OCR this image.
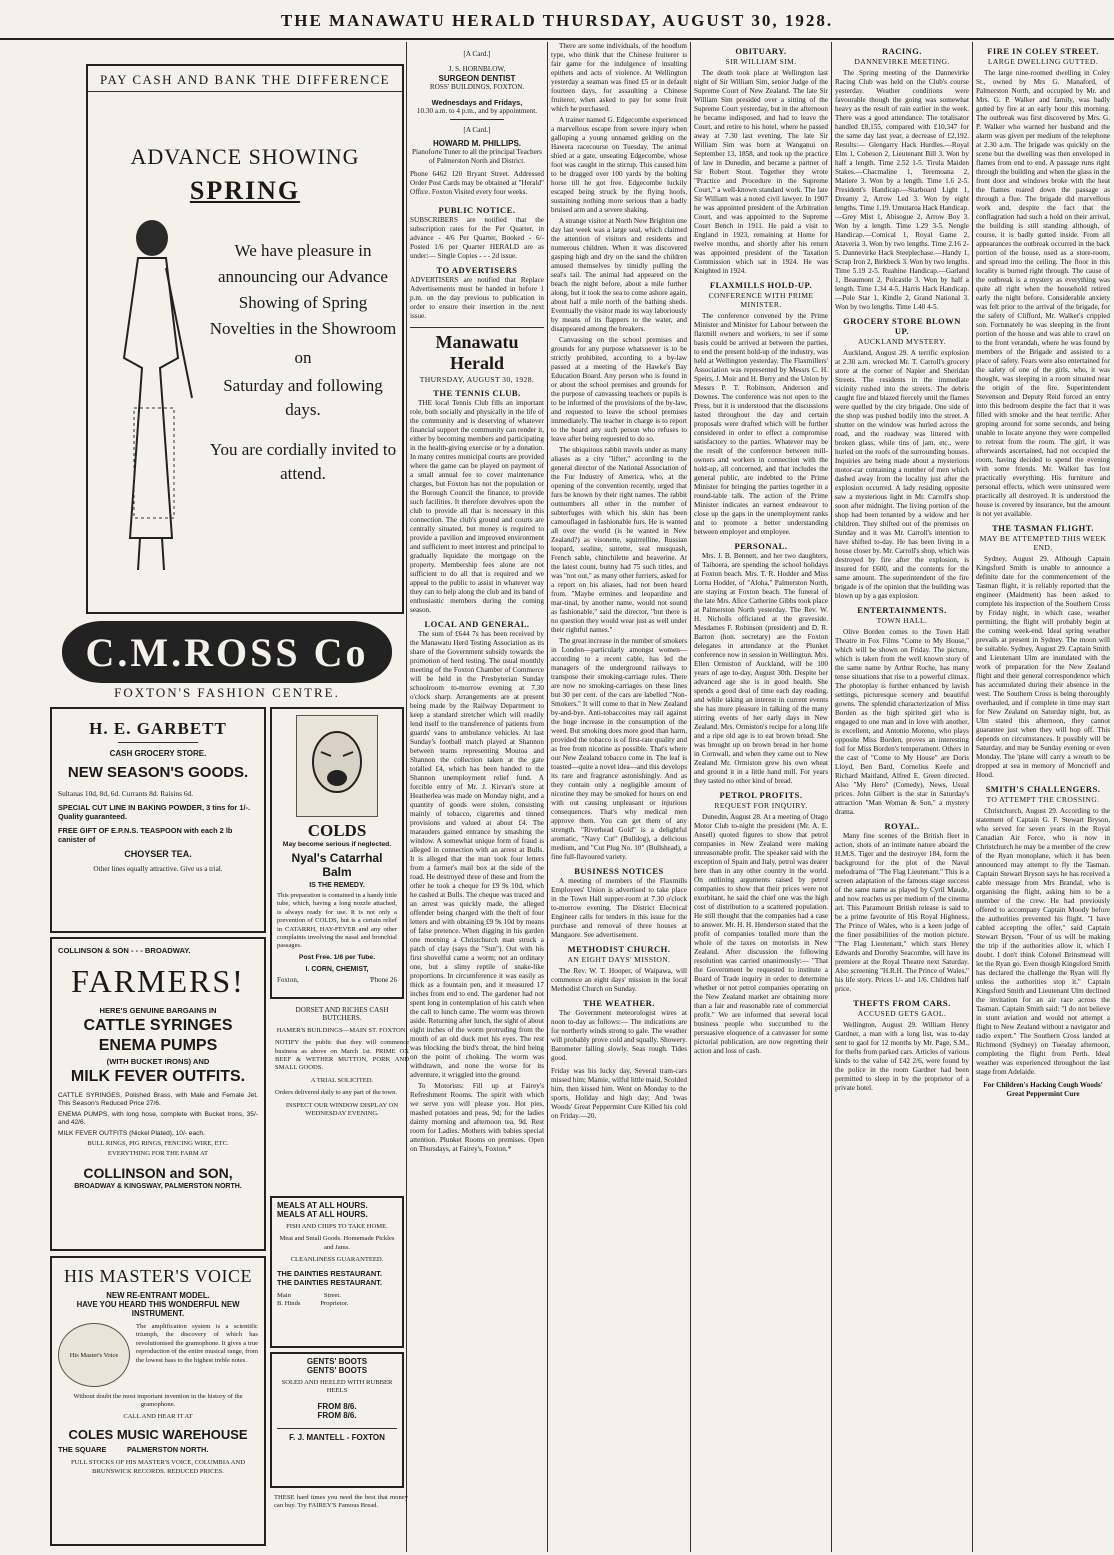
THE MANAWATU HERALD THURSDAY, AUGUST 30, 1928.
PAY CASH AND BANK THE DIFFERENCE
ADVANCE SHOWING
SPRING
We have pleasure in announcing our Advance Showing of Spring Novelties in the Showroom
on
Saturday and following days.
You are cordially invited to attend.
C.M.ROSS Co
FOXTON'S FASHION CENTRE.
H. E. GARBETT
CASH GROCERY STORE.
NEW SEASON'S GOODS.
Sultanas 10d, 8d, 6d. Currants 8d. Raisins 6d.
SPECIAL CUT LINE IN BAKING POWDER, 3 tins for 1/-. Quality guaranteed.
FREE GIFT OF E.P.N.S. TEASPOON with each 2 lb canister of
CHOYSER TEA.
Other lines equally attractive. Give us a trial.
COLLINSON & SON - - - BROADWAY.
FARMERS!
HERE'S GENUINE BARGAINS IN
CATTLE SYRINGES
ENEMA PUMPS
(WITH BUCKET IRONS) AND
MILK FEVER OUTFITS.
CATTLE SYRINGES, Polished Brass, with Male and Female Jet. This Season's Reduced Price 27/6.
ENEMA PUMPS, with long hose, complete with Bucket Irons, 35/- and 42/6.
MILK FEVER OUTFITS (Nickel Plated), 10/- each.
BULL RINGS, PIG RINGS, FENCING WIRE, ETC.
EVERYTHING FOR THE FARM AT
COLLINSON and SON,
BROADWAY & KINGSWAY, PALMERSTON NORTH.
HIS MASTER'S VOICE
NEW RE-ENTRANT MODEL.
HAVE YOU HEARD THIS WONDERFUL NEW INSTRUMENT.
His Master's Voice
The amplification system is a scientific triumph, the discovery of which has revolutionised the gramophone. It gives a true reproduction of the entire musical range, from the lowest bass to the highest treble notes.
Without doubt the most important invention in the history of the gramophone.
CALL AND HEAR IT AT
COLES MUSIC WAREHOUSE
THE SQUARE          PALMERSTON NORTH.
FULL STOCKS OF HIS MASTER'S VOICE, COLUMBIA AND BRUNSWICK RECORDS. REDUCED PRICES.
COLDS
May become serious if neglected.
Nyal's Catarrhal Balm
IS THE REMEDY.
This preparation is contained in a handy little tube, which, having a long nozzle attached, is always ready for use. It is not only a prevention of COLDS, but is a certain relief in CATARRH, HAY-FEVER and any other complaints involving the nasal and bronchial passages.
Post Free. 1/6 per Tube.
I. CORN, CHEMIST,
Foxton,	'Phone 26
DORSET AND RICHES CASH BUTCHERS.
HAMER'S BUILDINGS—MAIN ST. FOXTON.
NOTIFY the public that they will commence business as above on March 1st. PRIME OX BEEF & WETHER MUTTON, PORK AND SMALL GOODS.
A TRIAL SOLICITED.
Orders delivered daily to any part of the town.
INSPECT OUR WINDOW DISPLAY ON WEDNESDAY EVENING.
MEALS AT ALL HOURS.
MEALS AT ALL HOURS.
FISH AND CHIPS TO TAKE HOME.
Meat and Small Goods. Homemade Pickles and Jams.
CLEANLINESS GUARANTEED.
THE DAINTIES RESTAURANT.
THE DAINTIES RESTAURANT.
Main                    Street.
B. Hinds            Proprietor.
GENTS' BOOTS
GENTS' BOOTS
SOLED AND HEELED WITH RUBBER HEELS
FROM 8/6.
FROM 8/6.
F. J. MANTELL - FOXTON
THESE hard times you need the best that money can buy. Try FAIREY'S Famous Bread.
[A Card.]
J. S. HORNBLOW,
SURGEON DENTIST
ROSS' BUILDINGS, FOXTON.
Wednesdays and Fridays,
10.30 a.m. to 4 p.m., and by appointment.
[A Card.]
HOWARD M. PHILLIPS.
Pianoforte Tuner to all the principal Teachers of Palmerston North and District.
Phone 6462 120 Bryant Street. Addressed Order Post Cards may be obtained at "Herald" Office. Foxton Visited every four weeks.
PUBLIC NOTICE.
SUBSCRIBERS are notified that the subscription rates for the Per Quarter, in advance - 4/6 Per Quarter, Booked - 6/- Posted 1/6 per Quarter HERALD are as under:— Single Copies - - - 2d issue.
TO ADVERTISERS
ADVERTISERS are notified that Replace Advertisements must be handed in before 1 p.m. on the day previous to publication in order to ensure their insertion in the next issue.
Manawatu Herald
THURSDAY, AUGUST 30, 1928.
THE TENNIS CLUB.
THE local Tennis Club fills an important role, both socially and physically in the life of the community and is deserving of whatever financial support the community can render it, either by becoming members and participating in the health-giving exercise or by a donation. In many centres municipal courts are provided where the game can be played on payment of a small annual fee to cover maintenance charges, but Foxton has not the population or the Borough Council the finance, to provide such facilities. It therefore devolves upon the club to provide all that is necessary in this connection. The club's ground and courts are centrally situated, but money is required to provide a pavilion and improved environment and sufficient to meet interest and principal to gradually liquidate the mortgage on the property. Membership fees alone are not sufficient to do all that is required and we appeal to the public to assist in whatever way they can to help along the club and its band of enthusiastic members during the coming season.
LOCAL AND GENERAL.
The sum of £644 7s has been received by the Manawatu Herd Testing Association as its share of the Government subsidy towards the promotion of herd testing. The usual monthly meeting of the Foxton Chamber of Commerce will be held in the Presbyterian Sunday schoolroom to-morrow evening at 7.30 o'clock sharp. Arrangements are at present being made by the Railway Department to keep a standard stretcher which will readily lend itself to the transference of patients from guards' vans to ambulance vehicles. At last Sunday's football match played at Shannon between teams representing Moutoa and Shannon the collection taken at the gate totalled £4, which has been handed to the Shannon unemployment relief fund. A forcible entry of Mr. J. Kirvan's store at Heatherlea was made on Monday night, and a quantity of goods were stolen, consisting mainly of tobacco, cigarettes and tinned provisions and valued at about £4. The marauders gained entrance by smashing the window. A somewhat unique form of fraud is alleged in connection with an arrest at Bulls. It is alleged that the man took four letters from a farmer's mail box at the side of the road. He destroyed three of these and from the other he took a cheque for £9 9s 10d, which he cashed at Bulls. The cheque was traced and an arrest was quickly made, the alleged offender being charged with the theft of four letters and with obtaining £9 9s 10d by means of false pretence. When digging in his garden one morning a Christchurch man struck a patch of clay (says the "Sun"). Out with his first shovelful came a worm; not an ordinary one, but a slimy reptile of snake-like proportions. In circumference it was easily as thick as a fountain pen, and it measured 17 inches from end to end. The gardener had not spent long in contemplation of his catch when the call to lunch came. The worm was thrown aside. Returning after lunch, the sight of about eight inches of the worm protruding from the mouth of an old duck met his eyes. The rest was blocking the bird's throat, the bird being on the point of choking. The worm was withdrawn, and none the worse for its adventure, it wriggled into the ground.
To Motorists: Fill up at Fairey's Refreshment Rooms. The spirit with which we serve you will please you. Hot pies, mashed potatoes and peas, 9d; for the ladies dainty morning and afternoon tea, 9d. Rest room for Ladies. Mothers with babies special attention. Plunket Rooms on premises. Open on Thursdays, at Fairey's, Foxton.*
There are some individuals, of the hoodlum type, who think that the Chinese fruiterer is fair game for the indulgence of insulting epithets and acts of violence. At Wellington yesterday a seaman was fined £5 or in default fourteen days, for assaulting a Chinese fruiterer, when asked to pay for some fruit which he purchased.
A trainer named G. Edgecombe experienced a marvellous escape from severe injury when galloping a young unnamed gelding on the Hawera racecourse on Tuesday. The animal shied at a gate, unseating Edgecombe, whose foot was caught in the stirrup. This caused him to be dragged over 100 yards by the bolting horse till he got free. Edgecombe luckily escaped being struck by the flying hoofs, sustaining nothing more serious than a badly bruised arm and a severe shaking.
A strange visitor at North New Brighton one day last week was a large seal, which claimed the attention of visitors and residents and numerous children. When it was discovered gasping high and dry on the sand the children amused themselves by timidly pulling the seal's tail. The animal had appeared on the beach the night before, about a mile further along, but it took the sea to come ashore again, about half a mile north of the bathing sheds. Eventually the visitor made its way laboriously by means of its flappers to the water, and disappeared among the breakers.
Canvassing on the school premises and grounds for any purpose whatsoever is to be strictly prohibited, according to a by-law passed at a meeting of the Hawke's Bay Education Board. Any person who is found in or about the school premises and grounds for the purpose of canvassing teachers or pupils is to be informed of the provisions of the by-law, and requested to leave the school premises immediately. The teacher in charge is to report to the board any such person who refuses to leave after being requested to do so.
The ubiquitous rabbit travels under as many aliases as a city "lifter," according to the general director of the National Association of the Fur Industry of America, who, at the opening of the convention recently, urged that furs be known by their right names. The rabbit outnumbers all other in the number of subterfuges with which his skin has been camouflaged in fashionable furs. He is wanted all over the world (is he wanted in New Zealand?) as visonette, squirrelline, Russian leopard, sealine, sutrette, seal musquash, French sable, chinchilette and beaverine. At the latest count, bunny had 75 such titles, and was "not out," as many other furriers, asked for a report on his aliases, had not been heard from. "Maybe ermines and leopardine and mar-tinal, by another name, would not sound as fashionable," said the director, "but there is no question they would wear just as well under their rightful names."
The great increase in the number of smokers in London—particularly amongst women—according to a recent cable, has led the managers of the underground railways to transpose their smoking-carriage rules. There are now no smoking-carriages on these lines but 30 per cent. of the cars are labelled "Non-Smokers." It will come to that in New Zealand by-and-bye. Anti-tobaccoites may rail against the huge increase in the consumption of the weed. But smoking does more good than harm, provided the tobacco is of first-rate quality and as free from nicotine as possible. That's where our New Zealand tobacco come in. The leaf is toasted—quite a novel idea—and this develops its rare and fragrance astonishingly. And as they contain only a negligible amount of nicotine they may be smoked for hours on end with out causing unpleasant or injurious consequences. That's why medical men approve them. You can get them of any strength. "Riverhead Gold" is a delightful aromatic, "Navy Cut" (Bulldog), a delicious medium, and "Cut Plug No. 10" (Bullshead), a fine full-flavoured variety.
BUSINESS NOTICES
A meeting of members of the Flaxmills Employees' Union is advertised to take place in the Town Hall supper-room at 7.30 o'clock to-morrow evening. The District Electrical Engineer calls for tenders in this issue for the purchase and removal of three houses at Mangaore. See advertisement.
METHODIST CHURCH.
AN EIGHT DAYS' MISSION.
The Rev. W. T. Hooper, of Waipawa, will commence an eight days' mission in the local Methodist Church on Sunday.
THE WEATHER.
The Government meteorologist wires at noon to-day as follows:— The indications are for northerly winds strong to gale. The weather will probably prove cold and squally. Showery. Barometer falling slowly. Seas rough. Tides good.
Friday was his lucky day, Several tram-cars missed him; Mamie, wilful little maid, Scolded him, then kissed him. Went on Monday to the sports, Holiday and high day; And 'twas Woods' Great Peppermint Cure Killed his cold on Friday.—20.
OBITUARY.
SIR WILLIAM SIM.
The death took place at Wellington last night of Sir William Sim, senior Judge of the Supreme Court of New Zealand. The late Sir William Sim presided over a sitting of the Supreme Court yesterday, but in the afternoon he became indisposed, and had to leave the Court, and retire to his hotel, where he passed away at 7.30 last evening. The late Sir William Sim was born at Wanganui on September 13, 1858, and took up the practice of law in Dunedin, and became a partner of Sir Robert Stout. Together they wrote "Practice and Procedure in the Supreme Court," a well-known standard work. The late Sir William was a noted civil lawyer. In 1907 he was appointed president of the Arbitration Court, and was appointed to the Supreme Court Bench in 1911. He paid a visit to England in 1923, remaining at Home for twelve months, and shortly after his return was appointed president of the Taxation Commission which sat in 1924. He was Knighted in 1924.
FLAXMILLS HOLD-UP.
CONFERENCE WITH PRIME MINISTER.
The conference convened by the Prime Minister and Minister for Labour between the flaxmill owners and workers, to see if some basis could be arrived at between the parties, to end the present hold-up of the industry, was held at Wellington yesterday. The Flaxmillers' Association was represented by Messrs C. H. Speirs, J. Moir and H. Berry and the Union by Messrs P. T. Robinson, Anderson and Downes. The conference was not open to the Press, but it is understood that the discussions lasted throughout the day and certain proposals were drafted which will be further considered in order to effect a compromise satisfactory to the parties. Whatever may be the result of the conference between mill-owners and workers in connection with the hold-up, all concerned, and that includes the general public, are indebted to the Prime Minister for bringing the parties together in a round-table talk. The action of the Prime Minister indicates an earnest endeavour to close up the gaps in the unemployment ranks and to promote a better understanding between employer and employee.
PERSONAL.
Mrs. J. B. Bennett, and her two daughters, of Taihoera, are spending the school holidays at Foxton beach. Mrs. T. R. Hodder and Miss Lorna Hodder, of "Aloha," Palmerston North, are staying at Foxton beach. The funeral of the late Mrs. Alice Catherine Gibbs took place at Palmerston North yesterday. The Rev. W. H. Nicholls officiated at the graveside. Mesdames F. Robinson (president) and D. R. Barron (hon. secretary) are the Foxton delegates in attendance at the Plunket conference now in session in Wellington. Mrs. Ellen Ormiston of Auckland, will be 100 years of age to-day, August 30th. Despite her advanced age she is in good health. She spends a good deal of time each day reading, and while taking an interest in current events she has more pleasure in talking of the many stirring events of her early days in New Zealand. Mrs. Ormiston's recipe for a long life and a ripe old age is to eat brown bread. She was brought up on brown bread in her home in Cornwall, and when they came out to New Zealand Mr. Ormiston grew his own wheat and ground it in a little hand mill. For years they tasted no other kind of bread.
PETROL PROFITS.
REQUEST FOR INQUIRY.
Dunedin, August 28. At a meeting of Otago Motor Club to-night the president (Mr. A. E. Ansell) quoted figures to show that petrol companies in New Zealand were making unreasonable profit. The speaker said with the exception of Spain and Italy, petrol was dearer here than in any other country in the world. On outlining arguments raised by petrol companies to show that their prices were not exorbitant, he said the chief one was the high cost of distribution to a scattered population. He still thought that the companies had a case to answer. Mr. H. H. Henderson stated that the profit of companies totalled more than the whole of the taxes on motorists in New Zealand. After discussion the following resolution was carried unanimously:— "That the Government be requested to institute a Board of Trade inquiry in order to determine whether or not petrol companies operating on the New Zealand market are obtaining more than a fair and reasonable rate of commercial profit." We are informed that several local business people who succumbed to the persuasive eloquence of a canvasser for some pictorial publication, are now regretting their action and loss of cash.
RACING.
DANNEVIRKE MEETING.
The Spring meeting of the Dannevirke Racing Club was held on the Club's course yesterday. Weather conditions were favourable though the going was somewhat heavy as the result of rain earlier in the week. There was a good attendance. The totalisator handled £8,155, compared with £10,347 for the same day last year, a decrease of £2,192. Results:— Glengarry Hack Hurdles.—Royal Elm 1, Cobeson 2, Lieutenant Bill 3. Won by half a length. Time 2.52 1-5. Tirula Maiden Stakes.—Chacmaline 1, Teremoana 2, Matiere 3. Won by a length. Time 1.6 2-5. President's Handicap.—Starboard Light 1, Dreamy 2, Arrow Led 3. Won by eight lengths. Time 1.19. Umutaroa Hack Handicap.—Grey Mist 1, Abisogue 2, Arrow Boy 3. Won by a length. Time 1.29 3-5. Nengle Handicap.—Comical 1, Royal Game 2, Ataveria 3. Won by two lengths. Time 2.16 2-5. Dannevirke Hack Steeplechase.—Handy 1, Scrap Iron 2, Birkbeck 3. Won by two lengths. Time 5.19 2-5. Ruahine Handicap.—Garland 1, Beaumont 2, Polcastle 3. Won by half a length. Time 1.34 4-5. Harris Hack Handicap.—Pole Star 1, Kindle 2, Grand National 3. Won by two lengths. Time 1.40 4-5.
GROCERY STORE BLOWN UP.
AUCKLAND MYSTERY.
Auckland, August 29. A terrific explosion at 2.30 a.m. wrecked Mr. T. Carroll's grocery store at the corner of Napier and Sheridan Streets. The residents in the immediate vicinity rushed into the streets. The debris caught fire and blazed fiercely until the flames were quelled by the city brigade. One side of the shop was pushed bodily into the street. A shutter on the window was hurled across the road, and the roadway was littered with broken glass, while tins of jam, etc., were hurled on the roofs of the surrounding houses. Inquiries are being made about a mysterious motor-car containing a number of men which dashed away from the locality just after the explosion occurred. A lady residing opposite saw a mysterious light in Mr. Carroll's shop soon after midnight. The living portion of the shop had been tenanted by a widow and her children. They shifted out of the premises on Sunday and it was Mr. Carroll's intention to have shifted to-day. He has been living in a house closer by. Mr. Carroll's shop, which was destroyed by fire after the explosion, is insured for £600, and the contents for the same amount. The superintendent of the fire brigade is of the opinion that the building was blown up by a gas explosion.
ENTERTAINMENTS.
TOWN HALL.
Olive Borden comes to the Town Hall Theatre in Fox Films "Come to My House," which will be shown on Friday. The picture, which is taken from the well known story of the same name by Arthur Roche, has many tense situations that rise to a powerful climax. The photoplay is further enhanced by lavish settings, picturesque scenery and beautiful gowns. The splendid characterization of Miss Borden as the high spirited girl who is engaged to one man and in love with another, is excellent, and Antonio Moreno, who plays opposite Miss Borden, proves an interesting foil for Miss Borden's temperament. Others in the cast of "Come to My House" are Doris Lloyd, Ben Bard, Cornelius Keefe and Richard Maitland, Alfred E. Green directed. Also "My Hero" (Comedy), News, Usual prices. John Gilbert is the star in Saturday's attraction "Man Woman & Son," a mystery drama.
ROYAL.
Many fine scenes of the British fleet in action, shots of an intimate nature aboard the H.M.S. Tiger and the destroyer 184, form the background for the plot of the Naval melodrama of "The Flag Lieutenant." This is a screen adaptation of the famous stage success of the same name as played by Cyril Maude, and now reaches us per medium of the cinema art. This Paramount British release is said to be a prime favourite of His Royal Highness, The Prince of Wales, who is a keen judge of the finer possibilities of the motion picture. "The Flag Lieutenant," which stars Henry Edwards and Dorothy Seacombe, will have its premiere at the Royal Theatre next Saturday. Also screening "H.R.H. The Prince of Wales," his life story. Prices 1/- and 1/6. Children half price.
THEFTS FROM CARS.
ACCUSED GETS GAOL.
Wellington, August 29. William Henry Gardner, a man with a long list, was to-day sent to gaol for 12 months by Mr. Page, S.M., for thefts from parked cars. Articles of various kinds to the value of £42 2/6, were found by the police in the room Gardner had been permitted to sleep in by the proprietor of a private hotel.
FIRE IN COLEY STREET.
LARGE DWELLING GUTTED.
The large nine-roomed dwelling in Coley St., owned by Mrs G. Manaford, of Palmerston North, and occupied by Mr. and Mrs. G. P. Walker and family, was badly gutted by fire at an early hour this morning. The outbreak was first discovered by Mrs. G. P. Walker who warned her husband and the alarm was given per medium of the telephone at 2.30 a.m. The brigade was quickly on the scene but the dwelling was then enveloped in flames from end to end. A passage runs right through the building and when the glass in the front door and windows broke with the heat the flames roared down the passage as through a flue. The brigade did marvellous work and, despite the fact that the conflagration had such a hold on their arrival, the building is still standing although, of course, it is badly gutted inside. From all appearances the outbreak occurred in the back portion of the house, used as a store-room, and spread into the ceiling. The floor in this locality is burned right through. The cause of the outbreak is a mystery as everything was quite all right when the household retired early the night before. Considerable anxiety was felt prior to the arrival of the brigade, for the safety of Clifford, Mr. Walker's crippled son. Fortunately he was sleeping in the front portion of the house and was able to crawl on to the front verandah, where he was found by members of the Brigade and assisted to a place of safety. Fears were also entertained for the safety of one of the girls, who, it was thought, was sleeping in a room situated near the origin of the fire. Superintendent Stevenson and Deputy Reid forced an entry into this bedroom despite the fact that it was filled with smoke and the heat terrific. After groping around for some seconds, and being unable to locate anyone they were compelled to retreat from the room. The girl, it was afterwards ascertained, had not occupied the room, having decided to spend the evening with some friends. Mr. Walker has lost practically everything. His furniture and personal effects, which were uninsured were practically all destroyed. It is understood the house is covered by insurance, but the amount is not yet available.
THE TASMAN FLIGHT.
MAY BE ATTEMPTED THIS WEEK END.
Sydney, August 29. Although Captain Kingsford Smith is unable to announce a definite date for the commencement of the Tasman flight, it is reliably reported that the engineer (Maidment) has been asked to complete his inspection of the Southern Cross by Friday night, in which case, weather permitting, the flight will probably begin at the coming week-end. Ideal spring weather prevails at present in Sydney. The moon will be suitable. Sydney, August 29. Captain Smith and Lieutenant Ulm are inundated with the work of preparation for the New Zealand flight and their general correspondence which has accumulated during their absence in the west. The Southern Cross is being thoroughly overhauled, and if complete in time may start for New Zealand on Saturday night, but, as Ulm stated this afternoon, they cannot guarantee just when they will hop off. This depends on circumstances. It possibly will be Saturday, and may be Sunday evening or even Monday. The 'plane will carry a wreath to be dropped at sea in memory of Moncrieff and Hood.
SMITH'S CHALLENGERS.
TO ATTEMPT THE CROSSING.
Christchurch, August 29. According to the statement of Captain G. F. Stewart Bryson, who served for seven years in the Royal Canadian Air Force, who is now in Christchurch he may be a member of the crew of the Ryan monoplane, which it has been announced may attempt to fly the Tasman. Captain Stewart Bryson says he has received a cable message from Mrs Brandal, who is organising the flight, asking him to be a member of the crew. He had previously offered to accompany Captain Moody before the authorities prevented his flight. "I have cabled accepting the offer," said Captain Stewart Bryson. "Four of us will be making the trip if the authorities allow it, which I doubt. I don't think Colonel Brinsmead will let the Ryan go. Even though Kingsford Smith has declared the challenge the Ryan will fly unless the authorities stop it." Captain Kingsford Smith and Lieutenant Ulm declined the invitation for an air race across the Tasman. Captain Smith said: "I do not believe in stunt aviation and would not attempt a flight to New Zealand without a navigator and radio expert." The Southern Cross landed at Richmond (Sydney) on Tuesday afternoon, completing the flight from Perth. Ideal weather was experienced throughout the last stage from Adelaide.
For Children's Hacking Cough Woods' Great Peppermint Cure
